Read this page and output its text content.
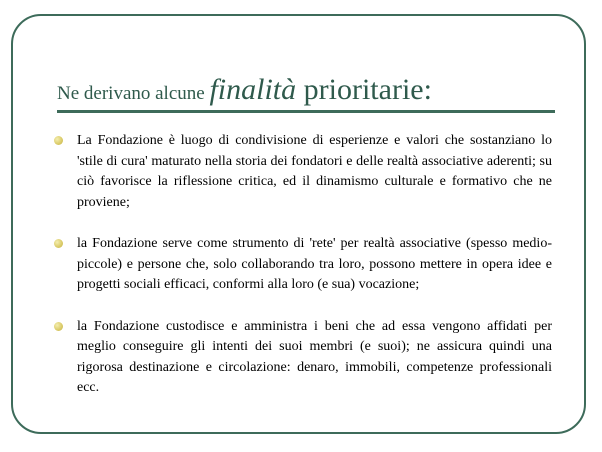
Ne derivano alcune finalità prioritarie:
La Fondazione è luogo di condivisione di esperienze e valori che sostanziano lo 'stile di cura' maturato nella storia dei fondatori e delle realtà associative aderenti; su ciò favorisce la riflessione critica, ed il dinamismo culturale e formativo che ne proviene;
la Fondazione serve come strumento di 'rete' per realtà associative (spesso medio-piccole) e persone che, solo collaborando tra loro, possono mettere in opera idee e progetti sociali efficaci, conformi alla loro (e sua) vocazione;
la Fondazione custodisce e amministra i beni che ad essa vengono affidati per meglio conseguire gli intenti dei suoi membri (e suoi); ne assicura quindi una rigorosa destinazione e circolazione: denaro, immobili, competenze professionali ecc.
